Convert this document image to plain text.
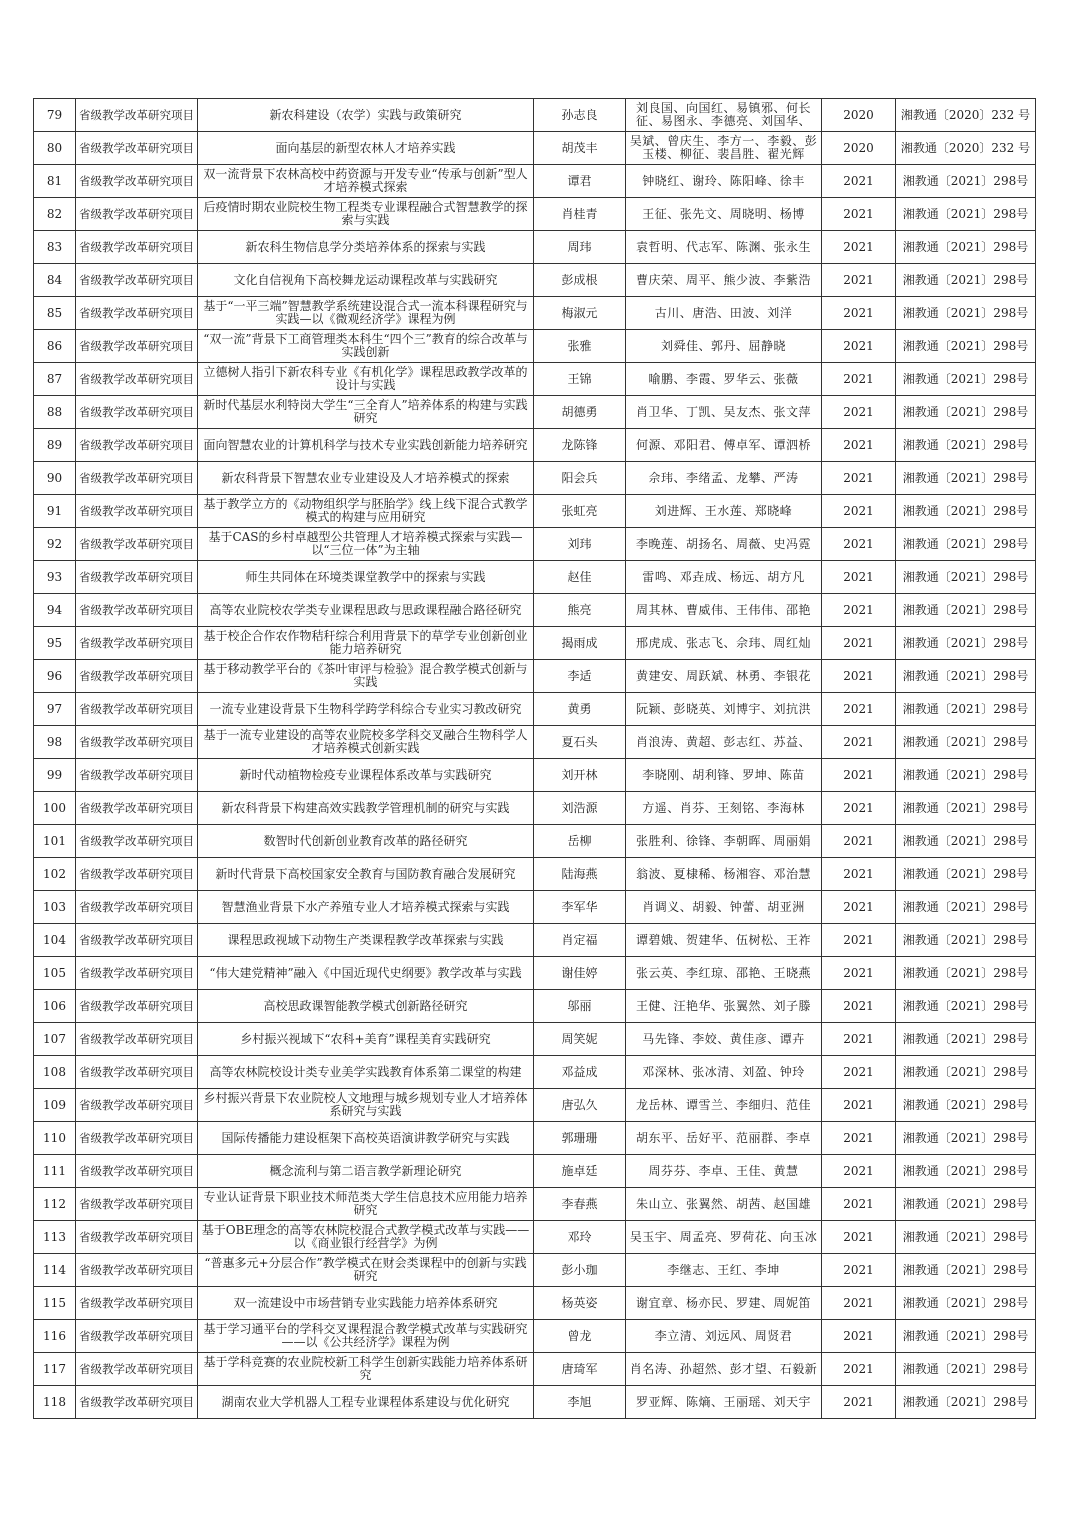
79	省级教学改革研究项目	新农科建设（农学）实践与政策研究	孙志良	刘良国、向国红、易镇邪、何长征、易图永、李德亮、刘国华、	2020	湘教通〔2020〕232 号
80	省级教学改革研究项目	面向基层的新型农林人才培养实践	胡茂丰	吴斌、曾庆生、李方一、李毅、彭玉楼、柳征、裴昌胜、翟光辉	2020	湘教通〔2020〕232 号
81	省级教学改革研究项目	双一流背景下农林高校中药资源与开发专业“传承与创新”型人才培养模式探索	谭君	钟晓红、谢玲、陈阳峰、徐丰	2021	湘教通〔2021〕298号
82	省级教学改革研究项目	后疫情时期农业院校生物工程类专业课程融合式智慧教学的探索与实践	肖桂青	王征、张先文、周晓明、杨博	2021	湘教通〔2021〕298号
83	省级教学改革研究项目	新农科生物信息学分类培养体系的探索与实践	周玮	袁哲明、代志军、陈渊、张永生	2021	湘教通〔2021〕298号
84	省级教学改革研究项目	文化自信视角下高校舞龙运动课程改革与实践研究	彭成根	曹庆荣、周平、熊少波、李紫浩	2021	湘教通〔2021〕298号
85	省级教学改革研究项目	基于“一平三端”智慧教学系统建设混合式一流本科课程研究与实践—以《微观经济学》课程为例	梅淑元	古川、唐浩、田波、刘洋	2021	湘教通〔2021〕298号
86	省级教学改革研究项目	“双一流”背景下工商管理类本科生“四个三”教育的综合改革与实践创新	张雅	刘舜佳、郭丹、屈静晓	2021	湘教通〔2021〕298号
87	省级教学改革研究项目	立德树人指引下新农科专业《有机化学》课程思政教学改革的设计与实践	王锦	喻鹏、李霞、罗华云、张薇	2021	湘教通〔2021〕298号
88	省级教学改革研究项目	新时代基层水利特岗大学生“三全育人”培养体系的构建与实践研究	胡德勇	肖卫华、丁凯、吴友杰、张文萍	2021	湘教通〔2021〕298号
89	省级教学改革研究项目	面向智慧农业的计算机科学与技术专业实践创新能力培养研究	龙陈锋	何源、邓阳君、傅卓军、谭泗桥	2021	湘教通〔2021〕298号
90	省级教学改革研究项目	新农科背景下智慧农业专业建设及人才培养模式的探索	阳会兵	佘玮、李绪孟、龙攀、严涛	2021	湘教通〔2021〕298号
91	省级教学改革研究项目	基于教学立方的《动物组织学与胚胎学》线上线下混合式教学模式的构建与应用研究	张虹亮	刘进辉、王水莲、郑晓峰	2021	湘教通〔2021〕298号
92	省级教学改革研究项目	基于CAS的乡村卓越型公共管理人才培养模式探索与实践—以“三位一体”为主轴	刘玮	李晚莲、胡扬名、周薇、史冯霓	2021	湘教通〔2021〕298号
93	省级教学改革研究项目	师生共同体在环境类课堂教学中的探索与实践	赵佳	雷鸣、邓垚成、杨远、胡方凡	2021	湘教通〔2021〕298号
94	省级教学改革研究项目	高等农业院校农学类专业课程思政与思政课程融合路径研究	熊亮	周其林、曹威伟、王伟伟、邵艳	2021	湘教通〔2021〕298号
95	省级教学改革研究项目	基于校企合作农作物秸秆综合利用背景下的草学专业创新创业能力培养研究	揭雨成	邢虎成、张志飞、佘玮、周红灿	2021	湘教通〔2021〕298号
96	省级教学改革研究项目	基于移动教学平台的《茶叶审评与检验》混合教学模式创新与实践	李适	黄建安、周跃斌、林勇、李银花	2021	湘教通〔2021〕298号
97	省级教学改革研究项目	一流专业建设背景下生物科学跨学科综合专业实习教改研究	黄勇	阮颖、彭晓英、刘博宇、刘抗洪	2021	湘教通〔2021〕298号
98	省级教学改革研究项目	基于一流专业建设的高等农业院校多学科交叉融合生物科学人才培养模式创新实践	夏石头	肖浪涛、黄超、彭志红、苏益、	2021	湘教通〔2021〕298号
99	省级教学改革研究项目	新时代动植物检疫专业课程体系改革与实践研究	刘开林	李晓刚、胡利锋、罗坤、陈苗	2021	湘教通〔2021〕298号
100	省级教学改革研究项目	新农科背景下构建高效实践教学管理机制的研究与实践	刘浩源	方遥、肖芬、王刻铭、李海林	2021	湘教通〔2021〕298号
101	省级教学改革研究项目	数智时代创新创业教育改革的路径研究	岳柳	张胜利、徐锋、李朝晖、周丽娟	2021	湘教通〔2021〕298号
102	省级教学改革研究项目	新时代背景下高校国家安全教育与国防教育融合发展研究	陆海燕	翁波、夏棣稀、杨湘容、邓治慧	2021	湘教通〔2021〕298号
103	省级教学改革研究项目	智慧渔业背景下水产养殖专业人才培养模式探索与实践	李军华	肖调义、胡毅、钟蕾、胡亚洲	2021	湘教通〔2021〕298号
104	省级教学改革研究项目	课程思政视域下动物生产类课程教学改革探索与实践	肖定福	谭碧娥、贺建华、伍树松、王祚	2021	湘教通〔2021〕298号
105	省级教学改革研究项目	“伟大建党精神”融入《中国近现代史纲要》教学改革与实践	谢佳婷	张云英、李红琼、邵艳、王晓燕	2021	湘教通〔2021〕298号
106	省级教学改革研究项目	高校思政课智能教学模式创新路径研究	邬丽	王健、汪艳华、张翼然、刘子滕	2021	湘教通〔2021〕298号
107	省级教学改革研究项目	乡村振兴视域下“农科+美育”课程美育实践研究	周笑妮	马先锋、李姣、黄佳彦、谭卉	2021	湘教通〔2021〕298号
108	省级教学改革研究项目	高等农林院校设计类专业美学实践教育体系第二课堂的构建	邓益成	邓深林、张冰清、刘盈、钟玲	2021	湘教通〔2021〕298号
109	省级教学改革研究项目	乡村振兴背景下农业院校人文地理与城乡规划专业人才培养体系研究与实践	唐弘久	龙岳林、谭雪兰、李细归、范佳	2021	湘教通〔2021〕298号
110	省级教学改革研究项目	国际传播能力建设框架下高校英语演讲教学研究与实践	郭珊珊	胡东平、岳好平、范丽群、李卓	2021	湘教通〔2021〕298号
111	省级教学改革研究项目	概念流利与第二语言教学新理论研究	施卓廷	周芬芬、李卓、王佳、黄慧	2021	湘教通〔2021〕298号
112	省级教学改革研究项目	专业认证背景下职业技术师范类大学生信息技术应用能力培养研究	李春燕	朱山立、张翼然、胡茜、赵国雄	2021	湘教通〔2021〕298号
113	省级教学改革研究项目	基于OBE理念的高等农林院校混合式教学模式改革与实践——以《商业银行经营学》为例	邓玲	吴玉宇、周孟亮、罗荷花、向玉冰	2021	湘教通〔2021〕298号
114	省级教学改革研究项目	“普惠多元+分层合作”教学模式在财会类课程中的创新与实践研究	彭小珈	李继志、王红、李坤	2021	湘教通〔2021〕298号
115	省级教学改革研究项目	双一流建设中市场营销专业实践能力培养体系研究	杨英姿	谢宜章、杨亦民、罗建、周妮笛	2021	湘教通〔2021〕298号
116	省级教学改革研究项目	基于学习通平台的学科交叉课程混合教学模式改革与实践研究——以《公共经济学》课程为例	曾龙	李立清、刘远风、周贤君	2021	湘教通〔2021〕298号
117	省级教学改革研究项目	基于学科竞赛的农业院校新工科学生创新实践能力培养体系研究	唐琦军	肖名涛、孙超然、彭才望、石毅新	2021	湘教通〔2021〕298号
118	省级教学改革研究项目	湖南农业大学机器人工程专业课程体系建设与优化研究	李旭	罗亚辉、陈熵、王丽瑶、刘天宇	2021	湘教通〔2021〕298号
